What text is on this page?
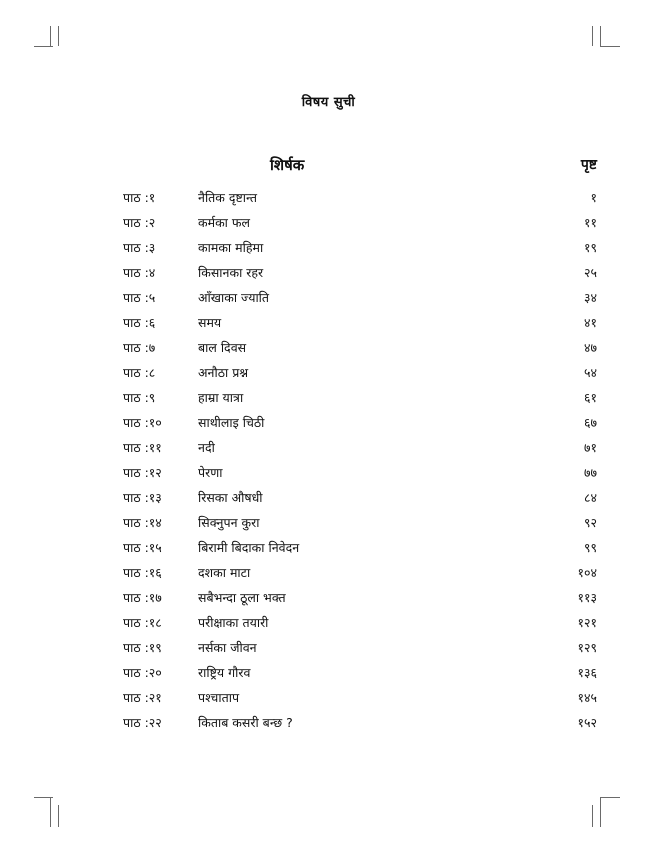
विषय सुची
शिर्षक	पृष्ट
पाठ :१	नैतिक दृष्टान्त	१
पाठ :२	कर्मका फल	११
पाठ :३	कामका महिमा	१९
पाठ :४	किसानका रहर	२५
पाठ :५	आँखाका ज्याति	३४
पाठ :६	समय	४१
पाठ :७	बाल दिवस	४७
पाठ :८	अनौठा प्रश्न	५४
पाठ :९	हाम्रा यात्रा	६१
पाठ :१०	साथीलाइ चिठी	६७
पाठ :११	नदी	७१
पाठ :१२	पेरणा	७७
पाठ :१३	रिसका औषधी	८४
पाठ :१४	सिक्नुपन कुरा	९२
पाठ :१५	बिरामी बिदाका निवेदन	९९
पाठ :१६	दशका माटा	१०४
पाठ :१७	सबैभन्दा ठूला भक्त	११३
पाठ :१८	परीक्षाका तयारी	१२१
पाठ :१९	नर्सका जीवन	१२९
पाठ :२०	राष्ट्रिय गौरव	१३६
पाठ :२१	पश्चाताप	१४५
पाठ :२२	किताब कसरी बन्छ ?	१५२
